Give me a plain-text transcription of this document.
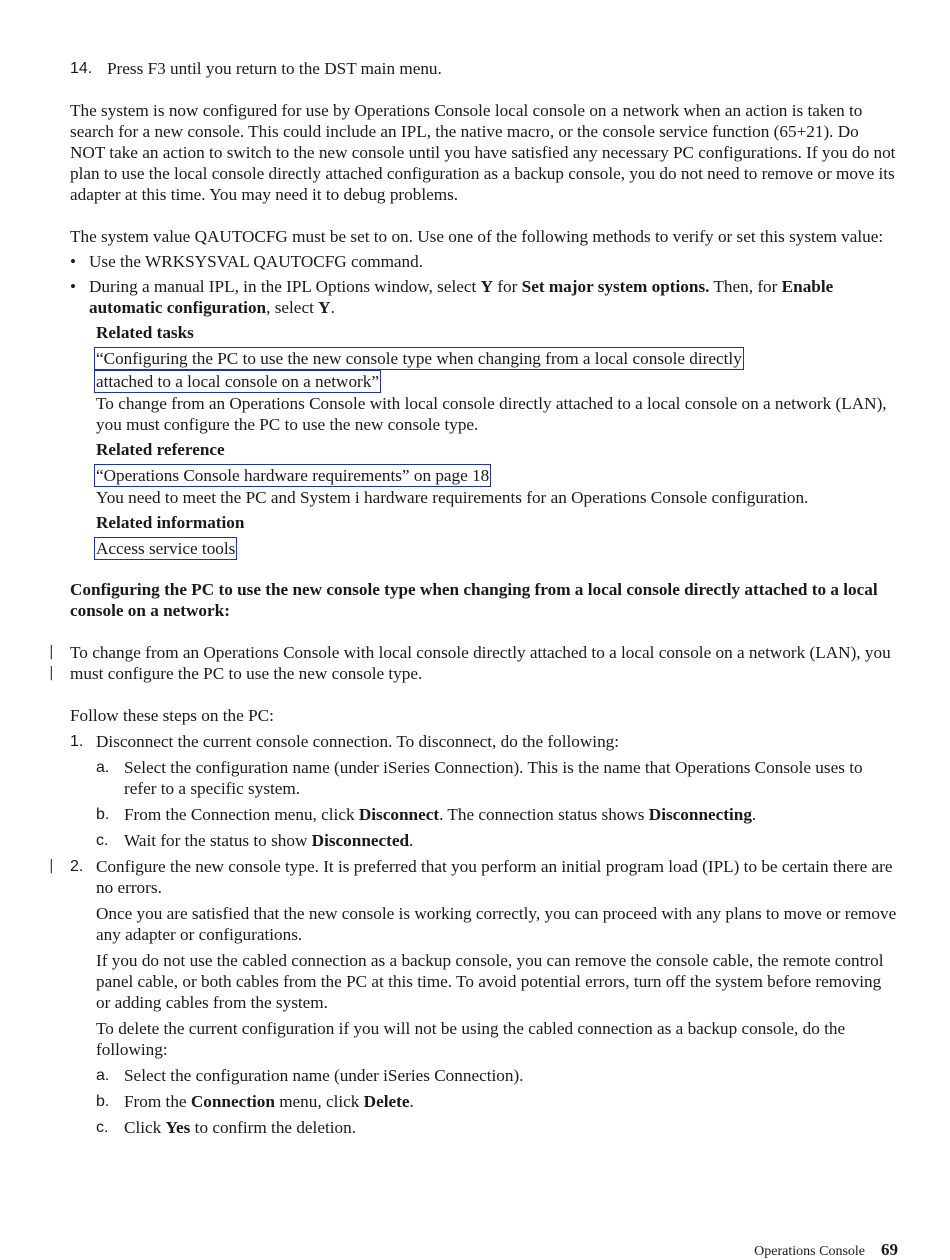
14. Press F3 until you return to the DST main menu.

The system is now configured for use by Operations Console local console on a network when an action is taken to search for a new console. This could include an IPL, the native macro, or the console service function (65+21). Do NOT take an action to switch to the new console until you have satisfied any necessary PC configurations. If you do not plan to use the local console directly attached configuration as a backup console, you do not need to remove or move its adapter at this time. You may need it to debug problems.

The system value QAUTOCFG must be set to on. Use one of the following methods to verify or set this system value:

• Use the WRKSYSVAL QAUTOCFG command.
• During a manual IPL, in the IPL Options window, select Y for Set major system options. Then, for Enable automatic configuration, select Y.
Related tasks
“Configuring the PC to use the new console type when changing from a local console directly
attached to a local console on a network”

To change from an Operations Console with local console directly attached to a local console on a network (LAN), you must configure the PC to use the new console type.

Related reference
“Operations Console hardware requirements” on page 18

You need to meet the PC and System i hardware requirements for an Operations Console configuration.

Related information
Access service tools

Configuring the PC to use the new console type when changing from a local console directly attached to a local console on a network:

|
|

To change from an Operations Console with local console directly attached to a local console on a network (LAN), you must configure the PC to use the new console type.

Follow these steps on the PC:

1. Disconnect the current console connection. To disconnect, do the following:

a. Select the configuration name (under iSeries Connection). This is the name that Operations Console uses to refer to a specific system.
b. From the Connection menu, click Disconnect. The connection status shows Disconnecting.
c. Wait for the status to show Disconnected.
| 2. Configure the new console type. It is preferred that you perform an initial program load (IPL) to be certain there are no errors.

Once you are satisfied that the new console is working correctly, you can proceed with any plans to move or remove any adapter or configurations.

If you do not use the cabled connection as a backup console, you can remove the console cable, the remote control panel cable, or both cables from the PC at this time. To avoid potential errors, turn off the system before removing or adding cables from the system.

To delete the current configuration if you will not be using the cabled connection as a backup console, do the following:

a. Select the configuration name (under iSeries Connection).
b. From the Connection menu, click Delete.
c. Click Yes to confirm the deletion.
Operations Console 69
